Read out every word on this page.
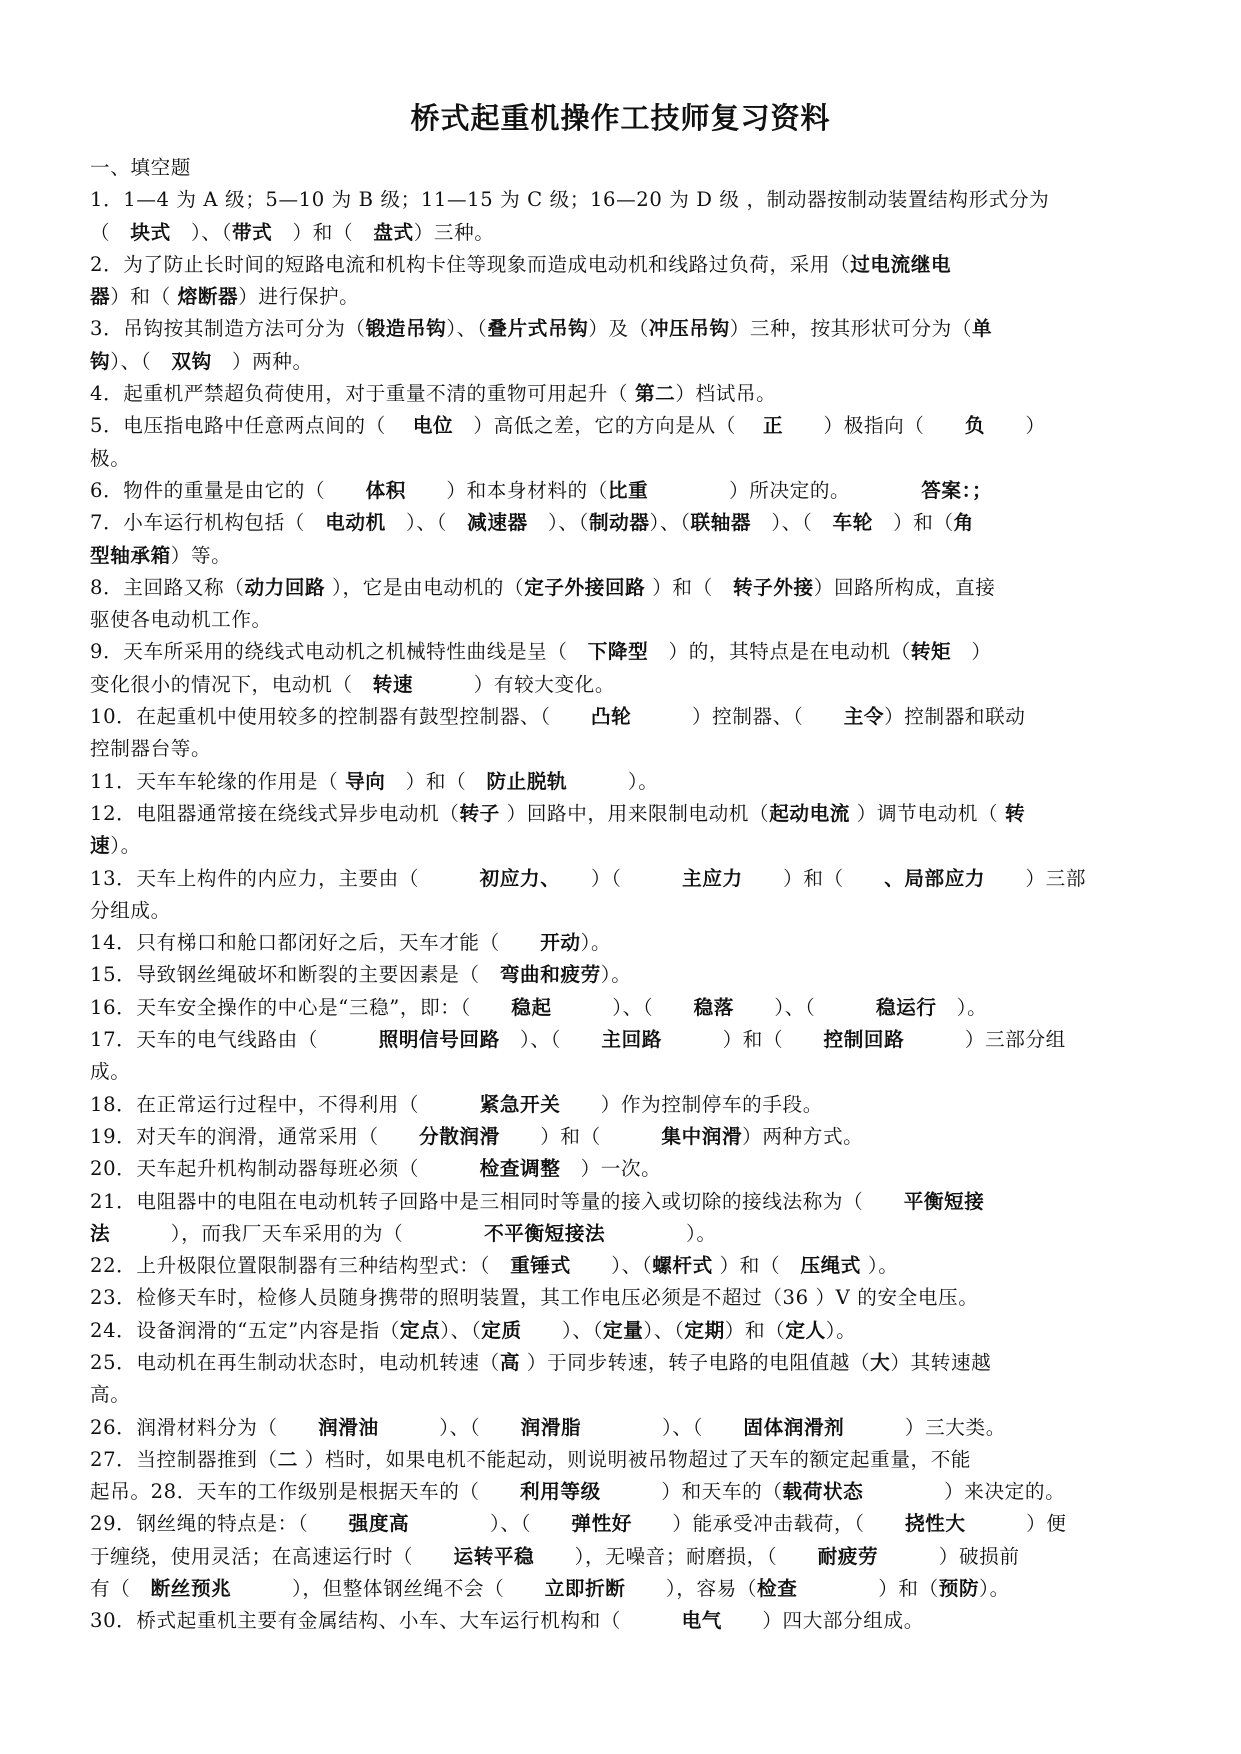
桥式起重机操作工技师复习资料
一、填空题
1．1—4 为 A 级；5—10 为 B 级；11—15 为 C 级；16—20 为 D 级 ，制动器按制动装置结构形式分为
（　块式　）、（带式　）和（　盘式）三种。
2．为了防止长时间的短路电流和机构卡住等现象而造成电动机和线路过负荷，采用（过电流继电
器）和（ 熔断器）进行保护。
3．吊钩按其制造方法可分为（锻造吊钩）、（叠片式吊钩）及（冲压吊钩）三种，按其形状可分为（单
钩）、（　双钩　）两种。
4．起重机严禁超负荷使用，对于重量不清的重物可用起升（ 第二）档试吊。
5．电压指电路中任意两点间的（　 电位　）高低之差，它的方向是从（　 正　　）极指向（　　负　　）
极。
6．物件的重量是由它的（　　体积　　）和本身材料的（比重　　　　）所决定的。　　　　答案：；
7．小车运行机构包括（　电动机　）、（　减速器　）、（制动器）、（联轴器　）、（　车轮　）和（角
型轴承箱）等。
8．主回路又称（动力回路 ），它是由电动机的（定子外接回路 ）和（　转子外接）回路所构成，直接
驱使各电动机工作。
9．天车所采用的绕线式电动机之机械特性曲线是呈（　下降型　）的，其特点是在电动机（转矩　）
变化很小的情况下，电动机（　转速　　　）有较大变化。
10．在起重机中使用较多的控制器有鼓型控制器、（　　凸轮　　　）控制器、（　　主令）控制器和联动
控制器台等。
11．天车车轮缘的作用是（ 导向　）和（　防止脱轨　　　）。
12．电阻器通常接在绕线式异步电动机（转子 ）回路中，用来限制电动机（起动电流 ）调节电动机（ 转
速）。
13．天车上构件的内应力，主要由（　　　初应力、　　）（　　　主应力　　）和（　　、局部应力　　）三部
分组成。
14．只有梯口和舱口都闭好之后，天车才能（　　开动）。
15．导致钢丝绳破坏和断裂的主要因素是（　弯曲和疲劳）。
16．天车安全操作的中心是“三稳”，即：（　　稳起　　　）、（　　稳落　　）、（　　　稳运行　）。
17．天车的电气线路由（　　　照明信号回路　）、（　　主回路　　　）和（　　控制回路　　　）三部分组
成。
18．在正常运行过程中，不得利用（　　　紧急开关　　）作为控制停车的手段。
19．对天车的润滑，通常采用（　　分散润滑　　）和（　　　集中润滑）两种方式。
20．天车起升机构制动器每班必须（　　　检查调整　）一次。
21．电阻器中的电阻在电动机转子回路中是三相同时等量的接入或切除的接线法称为（　　平衡短接
法　　　），而我厂天车采用的为（　　　　不平衡短接法　　　　）。
22．上升极限位置限制器有三种结构型式：（　重锤式　　）、（螺杆式 ）和（　压绳式 ）。
23．检修天车时，检修人员随身携带的照明装置，其工作电压必须是不超过（36 ）V 的安全电压。
24．设备润滑的“五定”内容是指（定点）、（定质　　）、（定量）、（定期）和（定人）。
25．电动机在再生制动状态时，电动机转速（高 ）于同步转速，转子电路的电阻值越（大）其转速越
高。
26．润滑材料分为（　　润滑油　　　）、（　　润滑脂　　　　）、（　　固体润滑剂　　　）三大类。
27．当控制器推到（二 ）档时，如果电机不能起动，则说明被吊物超过了天车的额定起重量，不能
起吊。28．天车的工作级别是根据天车的（　　利用等级　　　）和天车的（载荷状态　　　　）来决定的。
29．钢丝绳的特点是：（　　强度高　　　　）、（　　弹性好　　）能承受冲击载荷，（　　挠性大　　　）便
于缠绕，使用灵活；在高速运行时（　　运转平稳　　），无噪音；耐磨损，（　　耐疲劳　　　）破损前
有（　断丝预兆　　　），但整体钢丝绳不会（　　立即折断　　），容易（检查　　　　）和（预防）。
30．桥式起重机主要有金属结构、小车、大车运行机构和（　　　电气　　）四大部分组成。
